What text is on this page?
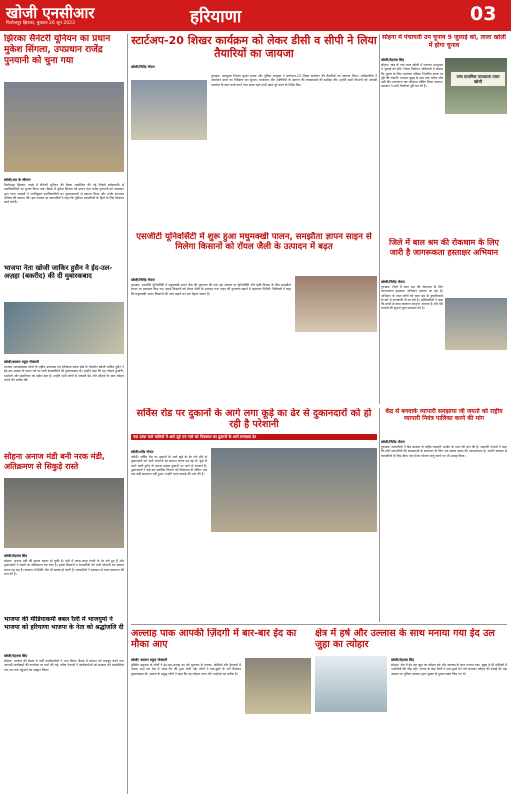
खोजी एनसीआर
फिरोजपुर झिरका, बुधवार 26 जून 2023	हरियाणा	03
झिरका सैनेटरी यूनियन का प्रधान मुकेश सिंगला, उपप्रधान राजेंद्र पुनयानी को चुना गया
खोजी/आर के जीनगर
फिरोजपुर झिरका: कस्बे में सैनेटरी यूनियन की बैठक आयोजित की गई जिसमें सर्वसम्मति से पदाधिकारियों का चुनाव किया गया। बैठक में मुकेश सिंगला को प्रधान तथा राजेंद्र पुनयानी को उपप्रधान चुना गया। सदस्यों ने नवनियुक्त पदाधिकारियों का फूलमालाओं से स्वागत किया और उनके उज्ज्वल भविष्य की कामना की। इस अवसर पर व्यापारियों ने कहा कि यूनियन व्यापारियों के हितों के लिए मिलकर कार्य करेगी।
भाजपा नेता खोजी जाकिर हुसैन ने ईद-उल-अज़हा (बकरीद) की दी मुबारकबाद
खोजी/बसरूर राहुल गोस्वामी
भाजपा अल्पसंख्यक मोर्चा के राष्ट्रीय उपाध्यक्ष एवं हरियाणा वक्फ बोर्ड के चेयरमैन खोजी जाकिर हुसैन ने ईद-उल-अज़हा के पावन पर्व पर सभी देशवासियों को मुबारकबाद दी। उन्होंने कहा कि यह त्योहार कुर्बानी, भाईचारे और इंसानियत का संदेश देता है। उन्होंने सभी लोगों से आपसी प्रेम और सौहार्द के साथ त्योहार मनाने की अपील की।
सोहना अनाज मंडी बनी नरक मंडी, अतिक्रमण से सिकुड़े रास्ते
खोजी/मेहताब सिंह
सोहना: अनाज मंडी की हालत बदतर हो चुकी है। मंडी में जगह-जगह गंदगी के ढेर लगे हुए हैं और दुकानदारों ने रास्तों पर अतिक्रमण कर रखा है। इससे किसानों व व्यापारियों को भारी परेशानी का सामना करना पड़ रहा है। बरसात में स्थिति और भी खराब हो जाती है। व्यापारियों ने प्रशासन से जल्द समाधान की मांग की है।
भाजपा की मीडियाकर्मी बबल रैली में भाजयुमो ने भाजपा को हरियाणा भाजपा के नेता को श्रद्धांजलि दी
खोजी/मेहताब सिंह
सोहना: भाजपा की बैठक में पार्टी कार्यकर्ताओं ने भाग लिया। बैठक में संगठन को मजबूत करने तथा आगामी कार्यक्रमों की रूपरेखा पर चर्चा की गई। वरिष्ठ नेताओं ने कार्यकर्ताओं को सरकार की उपलब्धियां जन-जन तक पहुंचाने का आह्वान किया।
स्टार्टअप-20 शिखर कार्यक्रम को लेकर डीसी व सीपी ने लिया तैयारियों का जायजा
खोजी/जितेंद्र गोयल
गुरुग्राम: उपायुक्त निशांत कुमार यादव और पुलिस आयुक्त ने स्टार्टअप-20 शिखर सम्मेलन की तैयारियों का जायजा लिया। अधिकारियों ने आयोजन स्थल का निरीक्षण कर सुरक्षा, यातायात और अतिथियों के स्वागत की व्यवस्थाओं की समीक्षा की। उन्होंने सभी विभागों को आपसी तालमेल के साथ कार्य करने तथा समय रहते सभी प्रबंध पूरे करने के निर्देश दिए।
एसजीटी यूनिवर्सिटी में शुरू हुआ मधुमक्खी पालन, समझौता ज्ञापन साइन से मिलेगा किसानों को रॉयल जैली के उत्पादन में बढ़त
खोजी/जितेंद्र गोयल
गुरुग्राम: एसजीटी यूनिवर्सिटी में मधुमक्खी पालन केंद्र की शुरुआत की गई। इस अवसर पर यूनिवर्सिटी और कृषि विभाग के बीच समझौता ज्ञापन पर हस्ताक्षर किए गए। इससे किसानों को रॉयल जैली के उत्पादन तथा शहद की गुणवत्ता बढ़ाने में सहायता मिलेगी। विशेषज्ञों ने कहा कि मधुमक्खी पालन किसानों की आय बढ़ाने का एक बेहतर साधन है।
सोहना में पंचायती उप चुनाव 9 जुलाई को, ताला खोली में होगा चुनाव
खोजी/मेहताब सिंह
सोहना: खंड के गांव ताला खोली में पंचायत उपचुनाव 9 जुलाई को होंगे। जिला निर्वाचन अधिकारी ने बताया कि चुनाव के लिए नामांकन प्रक्रिया निर्धारित समय पर पूरी की जाएगी। मतदान सुबह से शाम तक चलेगा और उसी दिन मतगणना कर परिणाम घोषित किया जाएगा। प्रशासन ने सभी तैयारियां पूरी कर ली हैं।
उच्च प्राथमिक पाठशाला ताला खोली
जिले में बाल श्रम की रोकथाम के लिए जारी है जागरूकता हस्ताक्षर अभियान
खोजी/जितेंद्र गोयल
गुरुग्राम: जिले में बाल श्रम की रोकथाम के लिए जागरूकता हस्ताक्षर अभियान चलाया जा रहा है। अभियान के तहत लोगों को बाल श्रम के दुष्परिणामों के बारे में जानकारी दी जा रही है। अधिकारियों ने कहा कि बच्चों से काम करवाना कानूनन अपराध है और ऐसे मामलों की सूचना तुरंत प्रशासन को दें।
सर्विस रोड पर दुकानों के आगे लगा कूड़े का ढेर से दुकानदारों को हो रही है परेशानी
नया ढांचा नाले नालियों में आटे लूटे एवं नाले को निकलता का दुकानों के आगे लगवाया ढेर
खोजी/धर्मेंद्र गोयल
पटौदी: सर्विस रोड पर दुकानों के आगे कूड़े के ढेर लगे होने से दुकानदारों को भारी परेशानी का सामना करना पड़ रहा है। कूड़े से उठने वाली दुर्गंध के कारण ग्राहक दुकानों पर आने से कतराते हैं। दुकानदारों ने कई बार संबंधित विभाग को शिकायत दी लेकिन अब तक कोई समाधान नहीं हुआ। उन्होंने जल्द सफाई की मांग की है।
केंद्र से बनवाके व्यापारी समझाया जी जयतो को राष्ट्रीय व्यापारी नियंत्र पालिका करने की मांग
खोजी/जितेंद्र गोयल
गुरुग्राम: व्यापारियों ने केंद्र सरकार से राष्ट्रीय व्यापारी आयोग के गठन की मांग की है। व्यापारी नेताओं ने कहा कि छोटे व्यापारियों की समस्याओं के समाधान के लिए एक स्वतंत्र संस्था की आवश्यकता है। उन्होंने सरकार से व्यापारियों के लिए बीमा तथा पेंशन योजना लागू करने का भी आग्रह किया।
अल्लाह पाक आपकी ज़िंदगी में बार-बार ईद का मौका आए
खोजी/ बसरूर राहुल गोस्वामी
मुस्लिम समुदाय के लोगों ने ईद-उल-अज़हा का पर्व धूमधाम से मनाया। मस्जिदों और ईदगाहों में नमाज अदा कर देश में अमन-चैन की दुआ मांगी गई। लोगों ने एक-दूसरे के गले मिलकर मुबारकबाद दी। समाज के प्रबुद्ध लोगों ने कहा कि यह त्योहार त्याग और भाईचारे का प्रतीक है।
क्षेत्र में हर्ष और उल्लास के साथ मनाया गया ईद उल जुहा का त्योहार
खोजी/मेहताब सिंह
सोहना: क्षेत्र में ईद उल जुहा का त्योहार हर्ष और उल्लास के साथ मनाया गया। सुबह से ही मस्जिदों में नमाजियों की भीड़ रही। नमाज के बाद लोगों ने एक-दूसरे को गले लगाकर त्योहार की बधाई दी। इस अवसर पर पुलिस प्रशासन द्वारा सुरक्षा के पुख्ता प्रबंध किए गए थे।
